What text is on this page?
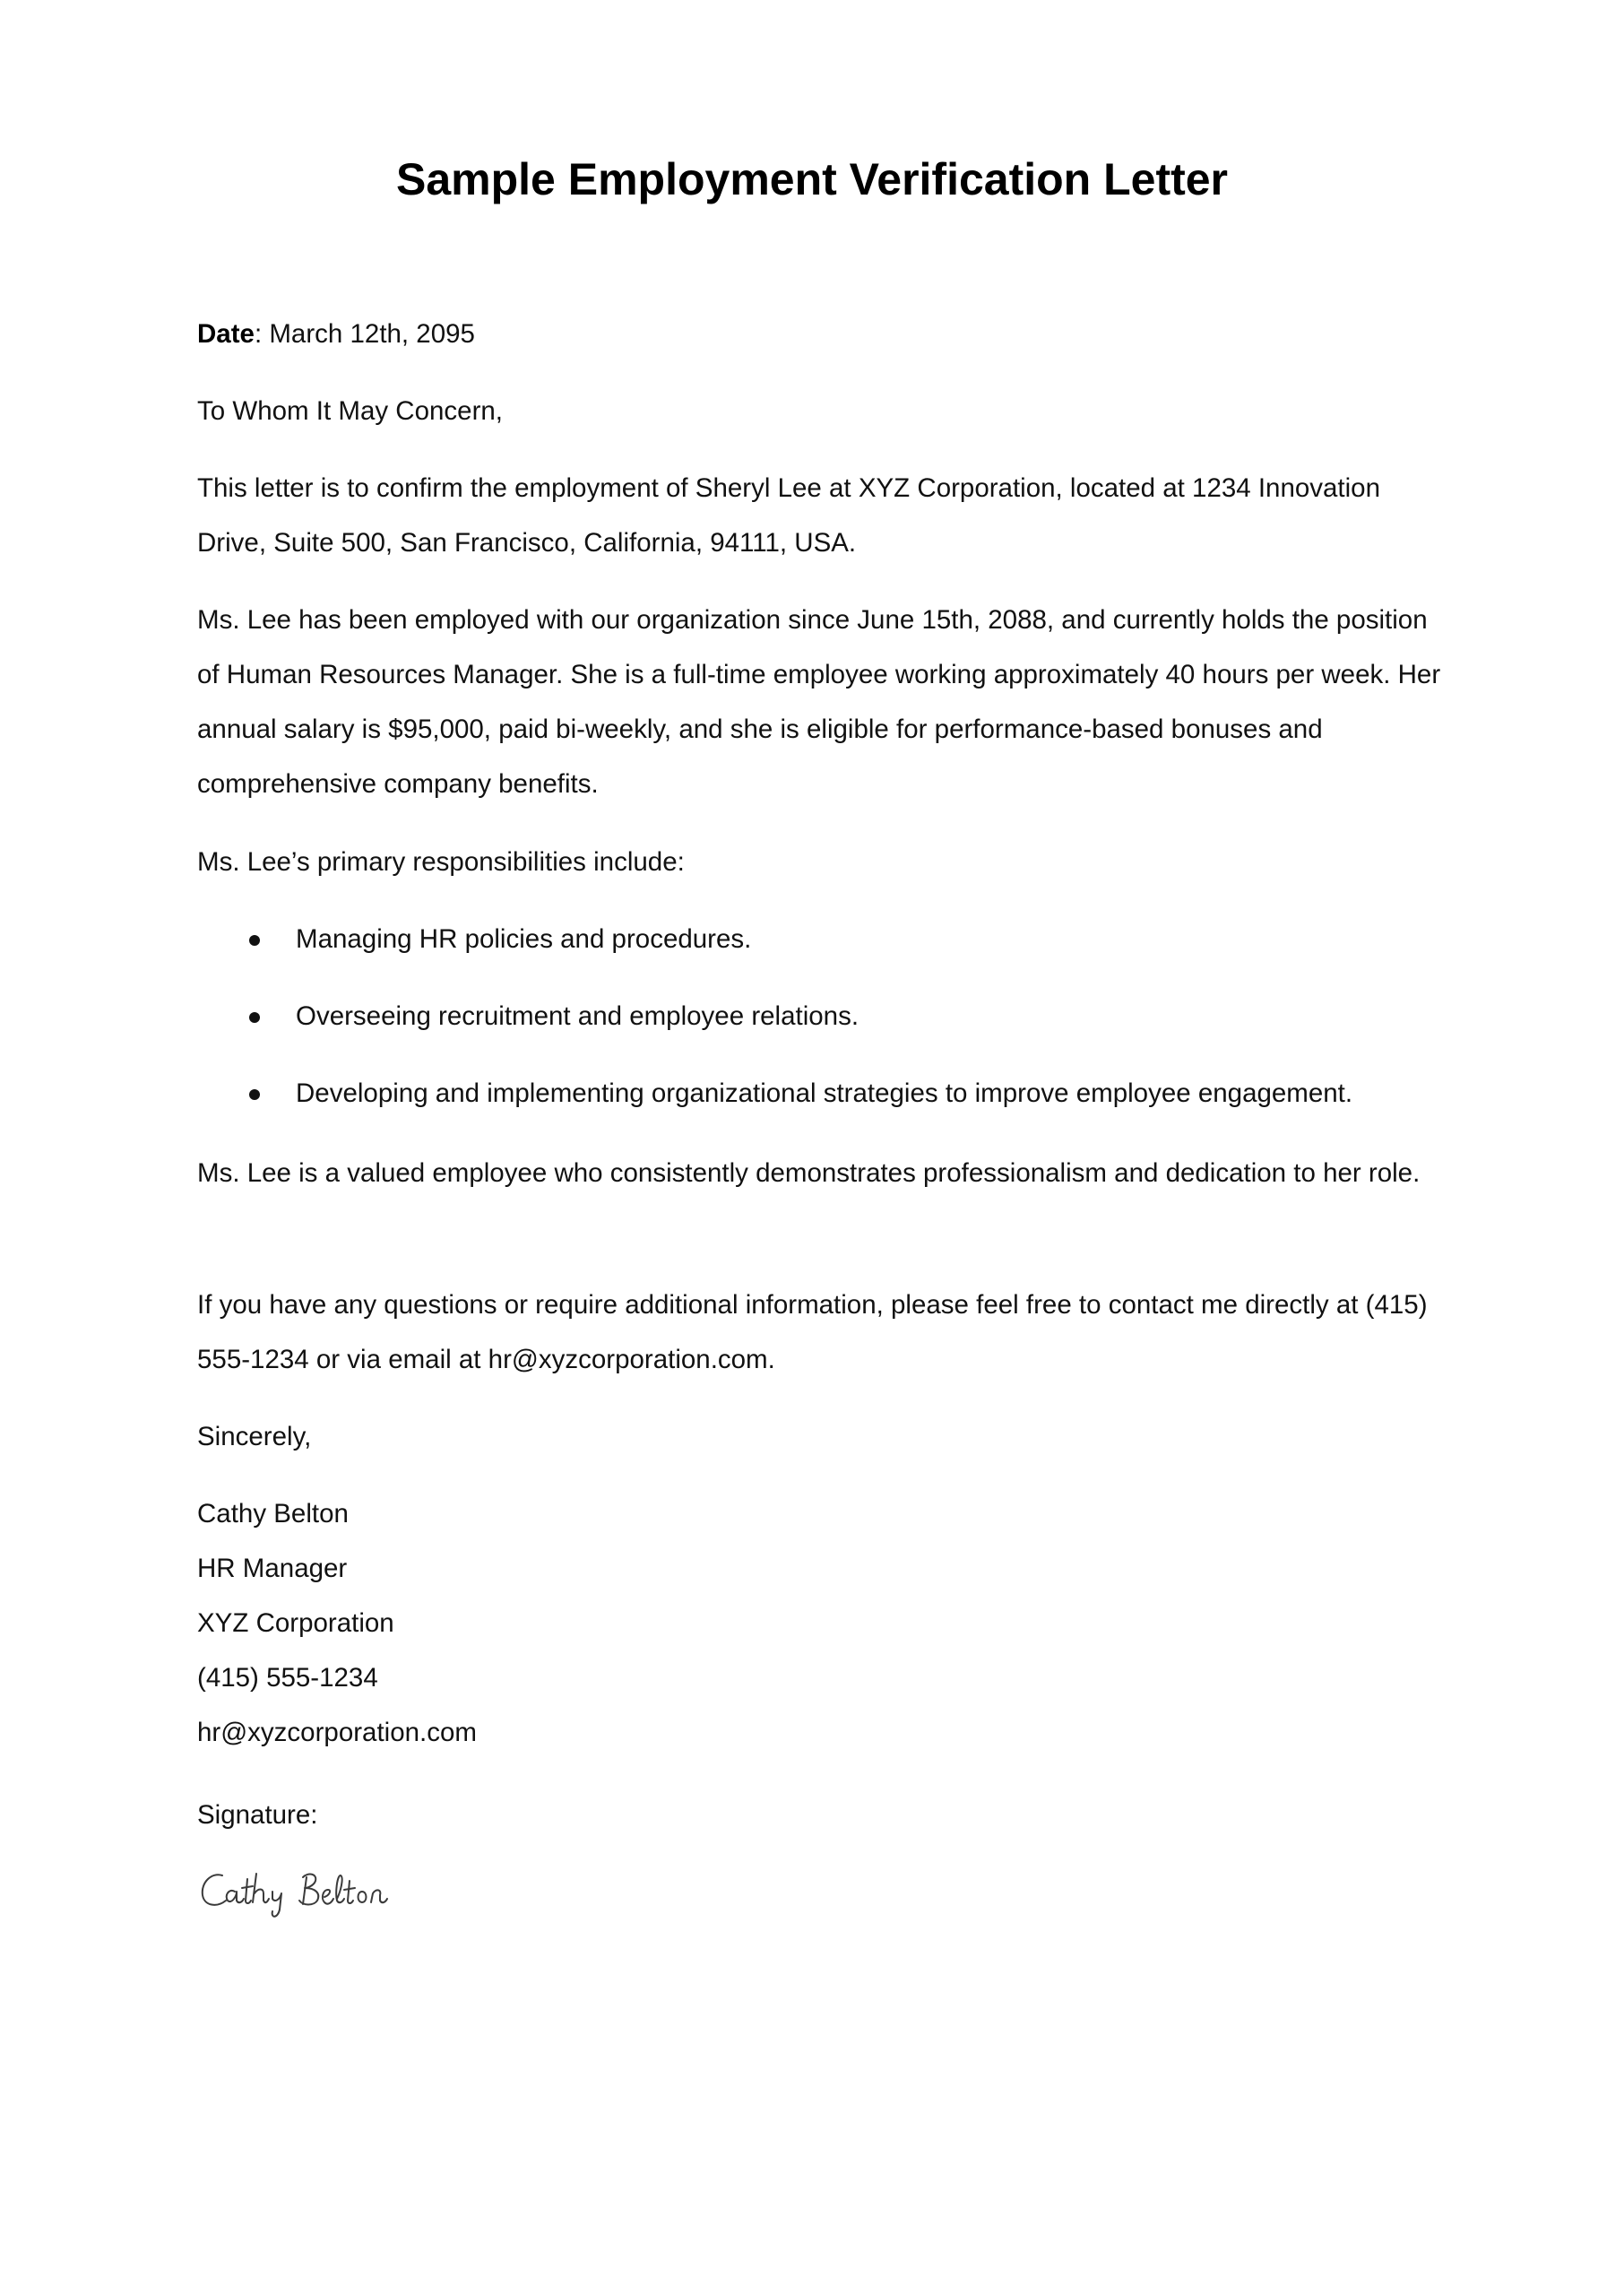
Sample Employment Verification Letter

Date: March 12th, 2095

To Whom It May Concern,

This letter is to confirm the employment of Sheryl Lee at XYZ Corporation, located at 1234 Innovation Drive, Suite 500, San Francisco, California, 94111, USA.

Ms. Lee has been employed with our organization since June 15th, 2088, and currently holds the position of Human Resources Manager. She is a full-time employee working approximately 40 hours per week. Her annual salary is $95,000, paid bi-weekly, and she is eligible for performance-based bonuses and comprehensive company benefits.

Ms. Lee’s primary responsibilities include:

Managing HR policies and procedures.
Overseeing recruitment and employee relations.
Developing and implementing organizational strategies to improve employee engagement.

Ms. Lee is a valued employee who consistently demonstrates professionalism and dedication to her role.

If you have any questions or require additional information, please feel free to contact me directly at (415) 555-1234 or via email at hr@xyzcorporation.com.

Sincerely,

Cathy Belton
HR Manager
XYZ Corporation
(415) 555-1234
hr@xyzcorporation.com

Signature:
